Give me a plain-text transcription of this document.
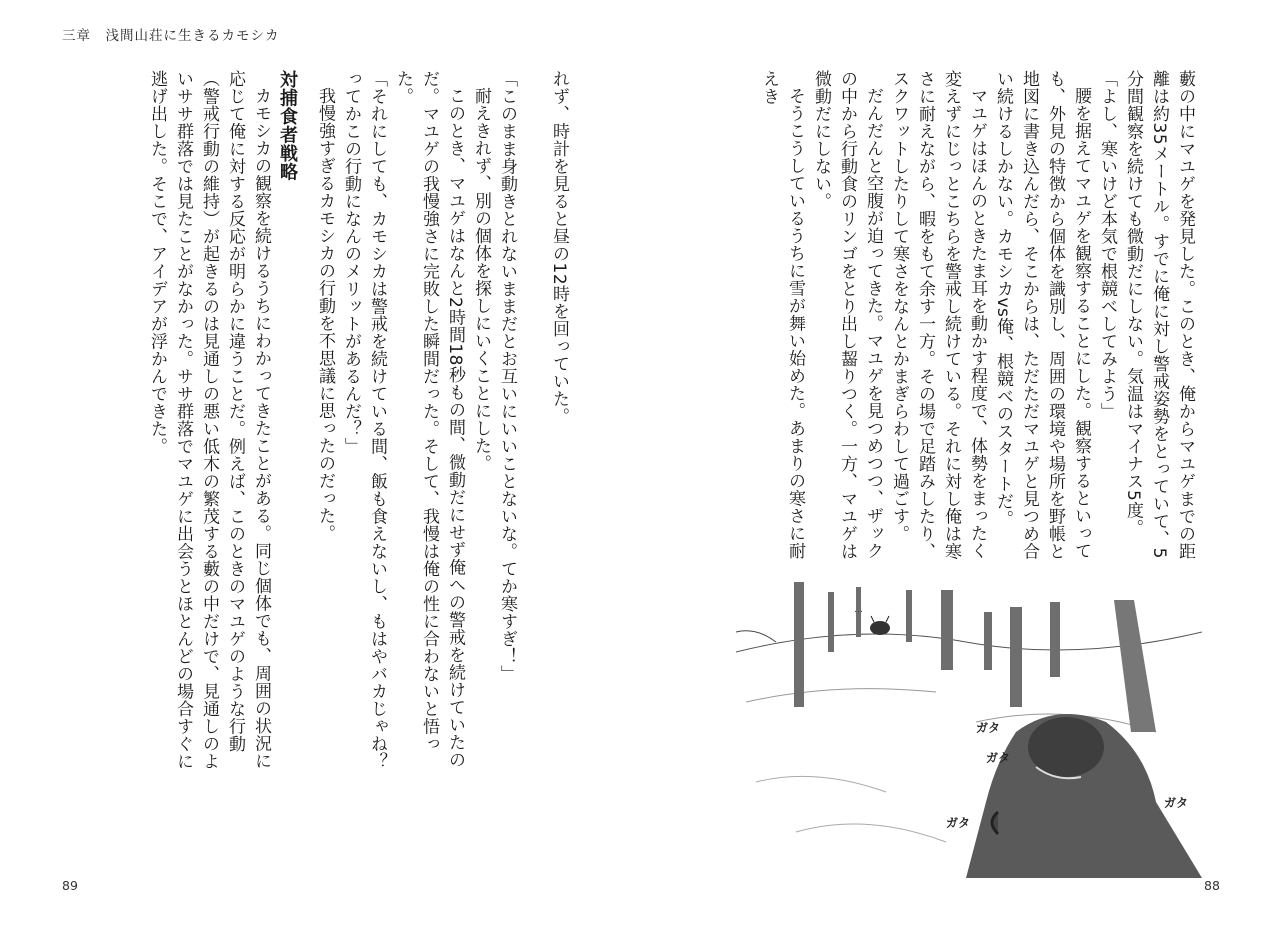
三章　浅間山荘に生きるカモシカ

藪の中にマユゲを発見した。このとき、俺からマユゲまでの距離は約35メートル。すでに俺に対し警戒姿勢をとっていて、5分間観察を続けても微動だにしない。気温はマイナス5度。

「よし、寒いけど本気で根競べしてみよう」

腰を据えてマユゲを観察することにした。観察するといっても、外見の特徴から個体を識別し、周囲の環境や場所を野帳と地図に書き込んだら、そこからは、ただただマユゲと見つめ合い続けるしかない。カモシカvs俺、根競べのスタートだ。

マユゲはほんのときたま耳を動かす程度で、体勢をまったく変えずにじっとこちらを警戒し続けている。それに対し俺は寒さに耐えながら、暇をもて余す一方。その場で足踏みしたり、スクワットしたりして寒さをなんとかまぎらわして過ごす。

だんだんと空腹が迫ってきた。マユゲを見つめつつ、ザックの中から行動食のリンゴをとり出し齧りつく。一方、マユゲは微動だにしない。

そうこうしているうちに雪が舞い始めた。あまりの寒さに耐えき

れず、時計を見ると昼の12時を回っていた。

「このまま身動きとれないままだとお互いにいいことないな。てか寒すぎ！」

耐えきれず、別の個体を探しにいくことにした。

このとき、マユゲはなんと2時間18秒もの間、微動だにせず俺への警戒を続けていたのだ。マユゲの我慢強さに完敗した瞬間だった。そして、我慢は俺の性に合わないと悟った。

「それにしても、カモシカは警戒を続けている間、飯も食えないし、もはやバカじゃね？ってかこの行動になんのメリットがあるんだ？」

我慢強すぎるカモシカの行動を不思議に思ったのだった。

対捕食者戦略

カモシカの観察を続けるうちにわかってきたことがある。同じ個体でも、周囲の状況に応じて俺に対する反応が明らかに違うことだ。例えば、このときのマユゲのような行動（警戒行動の維持）が起きるのは見通しの悪い低木の繁茂する藪の中だけで、見通しのよいササ群落では見たことがなかった。ササ群落でマユゲに出会うとほとんどの場合すぐに逃げ出した。そこで、アイデアが浮かんできた。

…
ガタ
ガタ
ガタ
ガタ
89	88
